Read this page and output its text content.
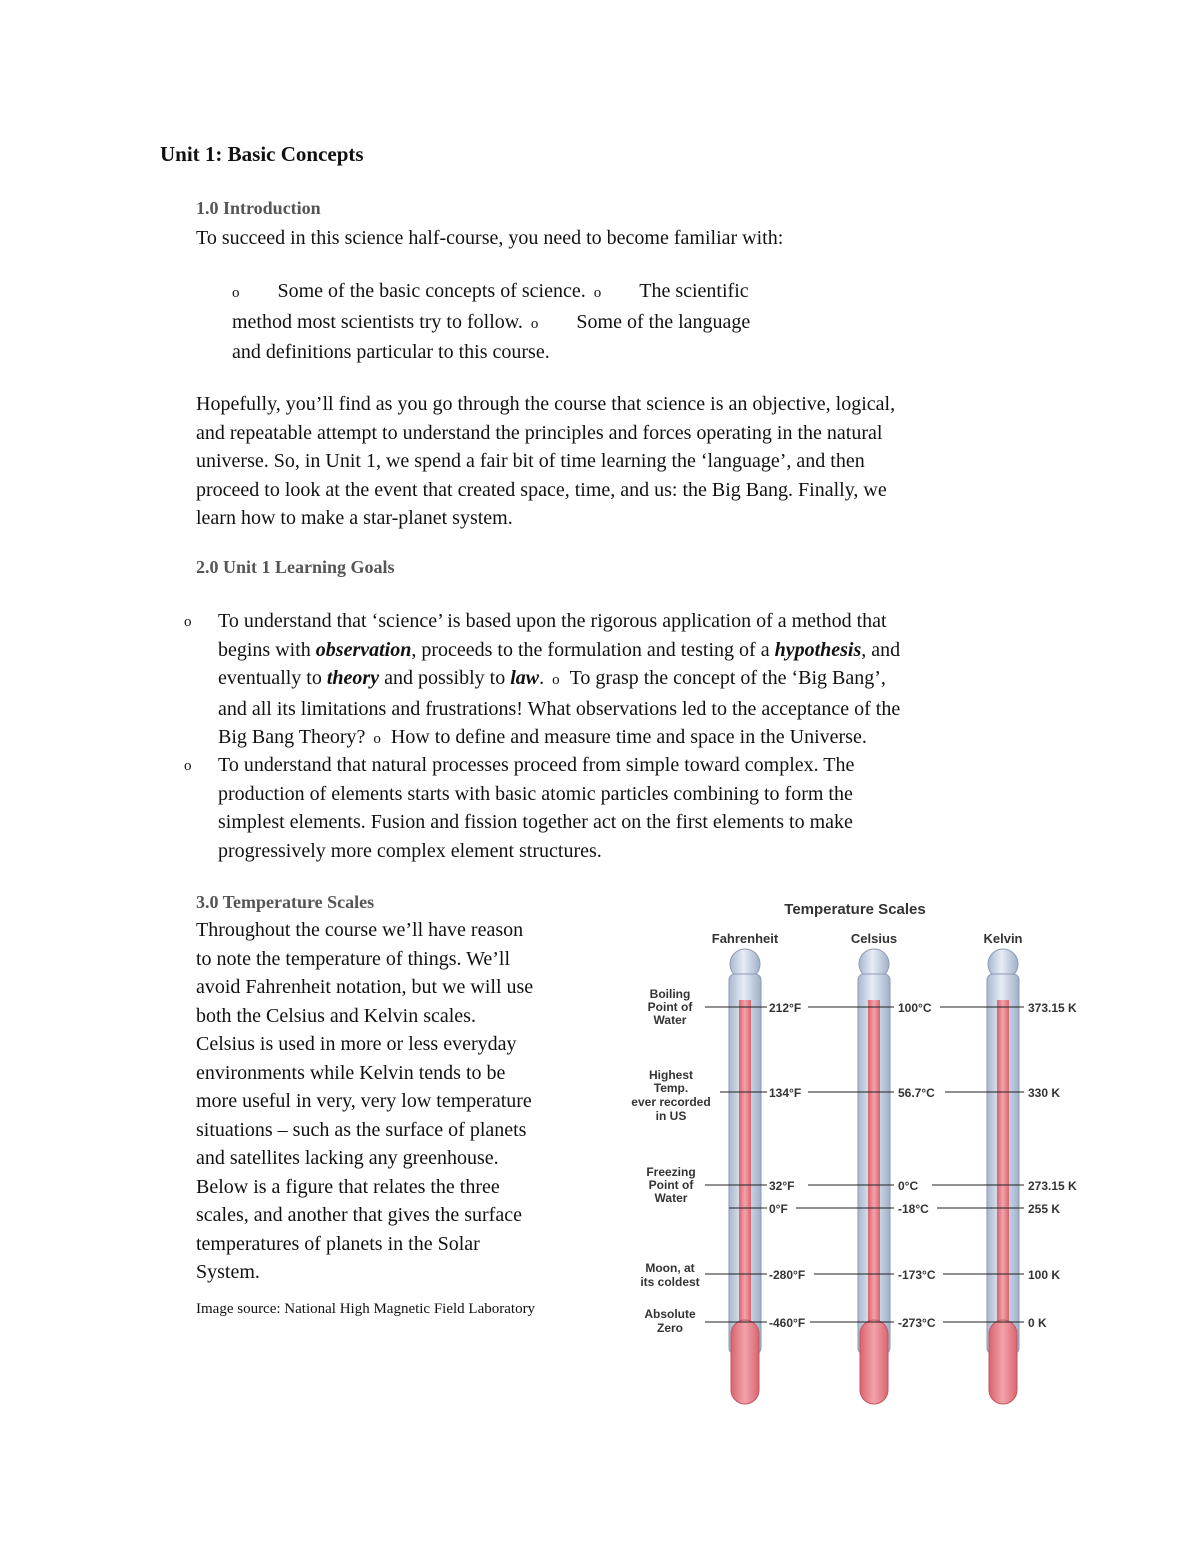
Unit 1: Basic Concepts
1.0 Introduction
To succeed in this science half-course, you need to become familiar with:
o Some of the basic concepts of science. o The scientific
method most scientists try to follow. o Some of the language
and definitions particular to this course.
Hopefully, you’ll find as you go through the course that science is an objective, logical,
and repeatable attempt to understand the principles and forces operating in the natural
universe. So, in Unit 1, we spend a fair bit of time learning the ‘language’, and then
proceed to look at the event that created space, time, and us: the Big Bang. Finally, we
learn how to make a star-planet system.
2.0 Unit 1 Learning Goals
o To understand that ‘science’ is based upon the rigorous application of a method that
begins with observation, proceeds to the formulation and testing of a hypothesis, and
eventually to theory and possibly to law. o To grasp the concept of the ‘Big Bang’,
and all its limitations and frustrations! What observations led to the acceptance of the
Big Bang Theory? o How to define and measure time and space in the Universe.
o To understand that natural processes proceed from simple toward complex. The
production of elements starts with basic atomic particles combining to form the
simplest elements. Fusion and fission together act on the first elements to make
progressively more complex element structures.
3.0 Temperature Scales
Throughout the course we’ll have reason
to note the temperature of things. We’ll
avoid Fahrenheit notation, but we will use
both the Celsius and Kelvin scales.
Celsius is used in more or less everyday
environments while Kelvin tends to be
more useful in very, very low temperature
situations – such as the surface of planets
and satellites lacking any greenhouse.
Below is a figure that relates the three
scales, and another that gives the surface
temperatures of planets in the Solar
System.
Image source: National High Magnetic Field Laboratory
Temperature Scales
Fahrenheit	Celsius	Kelvin
Boiling
Point of
Water
212°F	100°C	373.15 K
Highest
Temp.
ever recorded
in US
134°F	56.7°C	330 K
Freezing
Point of
Water
32°F	0°C	273.15 K
0°F	-18°C	255 K
Moon, at
its coldest	-280°F	-173°C	100 K
Absolute
Zero	-460°F	-273°C	0 K
